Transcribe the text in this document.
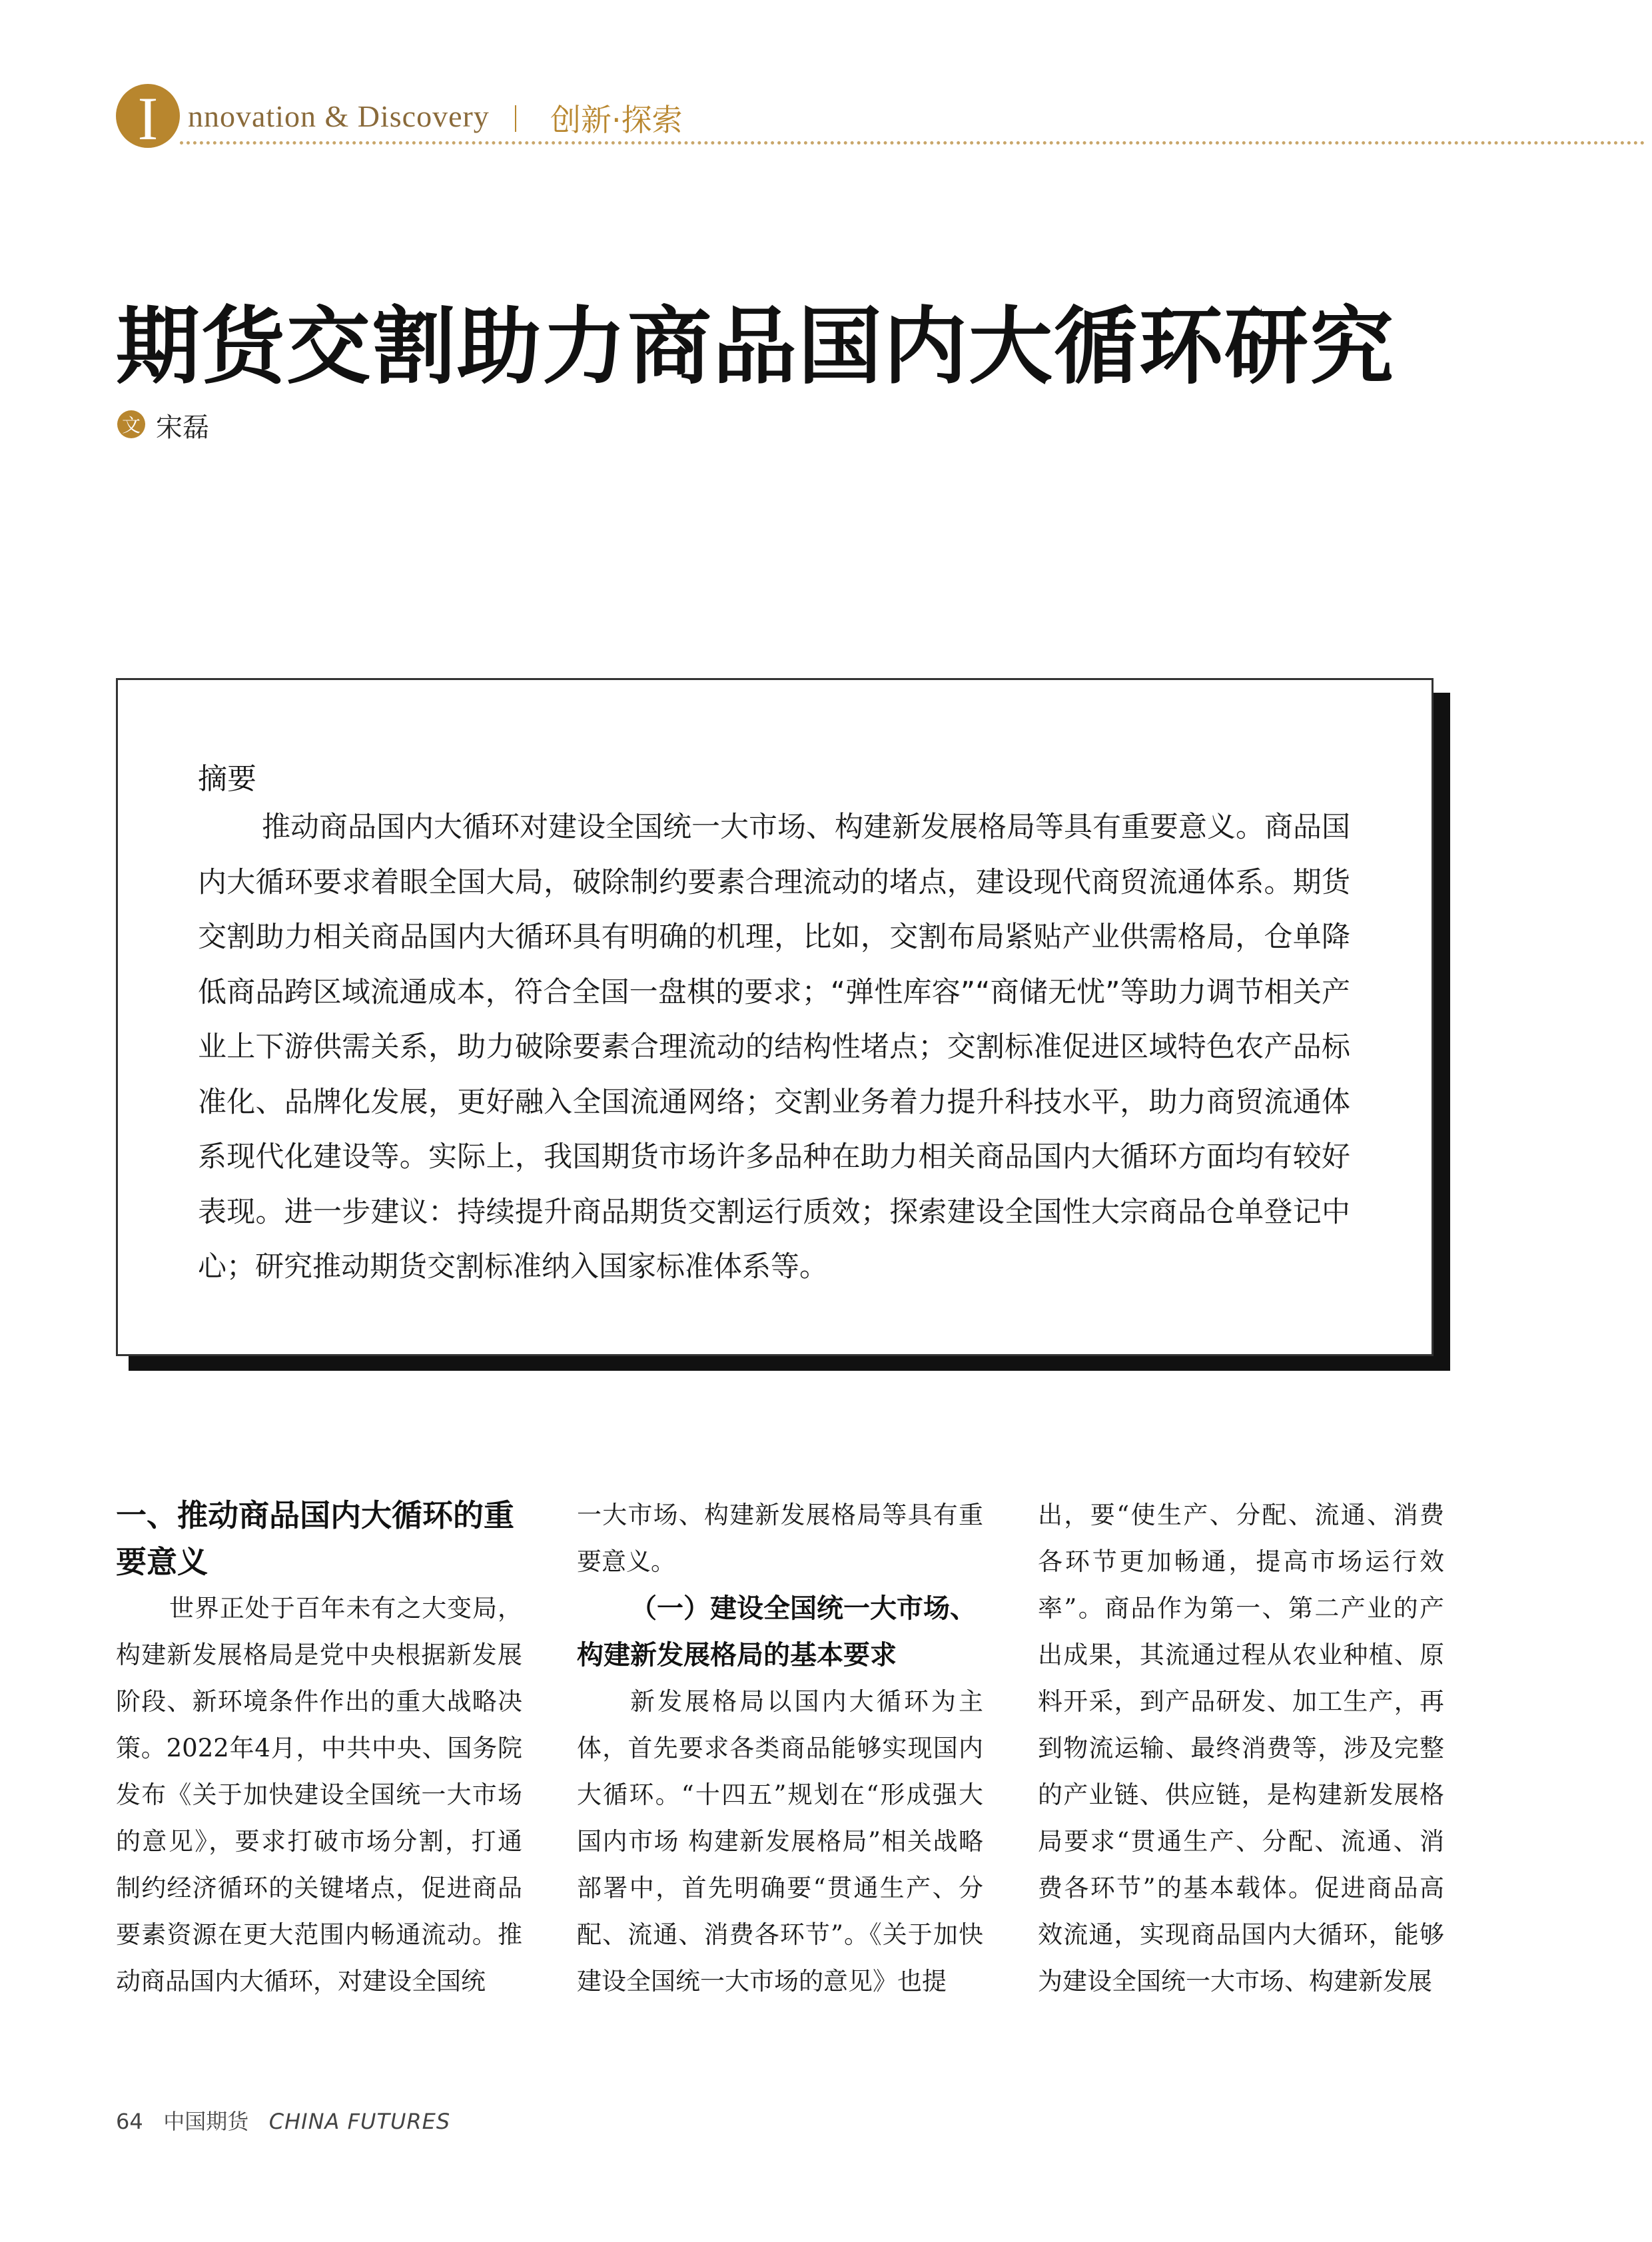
I nnovation & Discovery 创新·探索
期货交割助力商品国内大循环研究
文 宋磊
摘要

推动商品国内大循环对建设全国统一大市场、构建新发展格局等具有重要意义。商品国内大循环要求着眼全国大局，破除制约要素合理流动的堵点，建设现代商贸流通体系。期货交割助力相关商品国内大循环具有明确的机理，比如，交割布局紧贴产业供需格局，仓单降低商品跨区域流通成本，符合全国一盘棋的要求；“弹性库容”“商储无忧”等助力调节相关产业上下游供需关系，助力破除要素合理流动的结构性堵点；交割标准促进区域特色农产品标准化、品牌化发展，更好融入全国流通网络；交割业务着力提升科技水平，助力商贸流通体系现代化建设等。实际上，我国期货市场许多品种在助力相关商品国内大循环方面均有较好表现。进一步建议：持续提升商品期货交割运行质效；探索建设全国性大宗商品仓单登记中心；研究推动期货交割标准纳入国家标准体系等。

一、推动商品国内大循环的重要意义

世界正处于百年未有之大变局，构建新发展格局是党中央根据新发展阶段、新环境条件作出的重大战略决策。2022年4月，中共中央、国务院发布《关于加快建设全国统一大市场的意见》，要求打破市场分割，打通制约经济循环的关键堵点，促进商品要素资源在更大范围内畅通流动。推动商品国内大循环，对建设全国统

一大市场、构建新发展格局等具有重要意义。

（一）建设全国统一大市场、构建新发展格局的基本要求

新发展格局以国内大循环为主体，首先要求各类商品能够实现国内大循环。“十四五”规划在“形成强大国内市场 构建新发展格局”相关战略部署中，首先明确要“贯通生产、分配、流通、消费各环节”。《关于加快建设全国统一大市场的意见》也提

出，要“使生产、分配、流通、消费各环节更加畅通，提高市场运行效率”。商品作为第一、第二产业的产出成果，其流通过程从农业种植、原料开采，到产品研发、加工生产，再到物流运输、最终消费等，涉及完整的产业链、供应链，是构建新发展格局要求“贯通生产、分配、流通、消费各环节”的基本载体。促进商品高效流通，实现商品国内大循环，能够为建设全国统一大市场、构建新发展

64 中国期货 CHINA FUTURES
